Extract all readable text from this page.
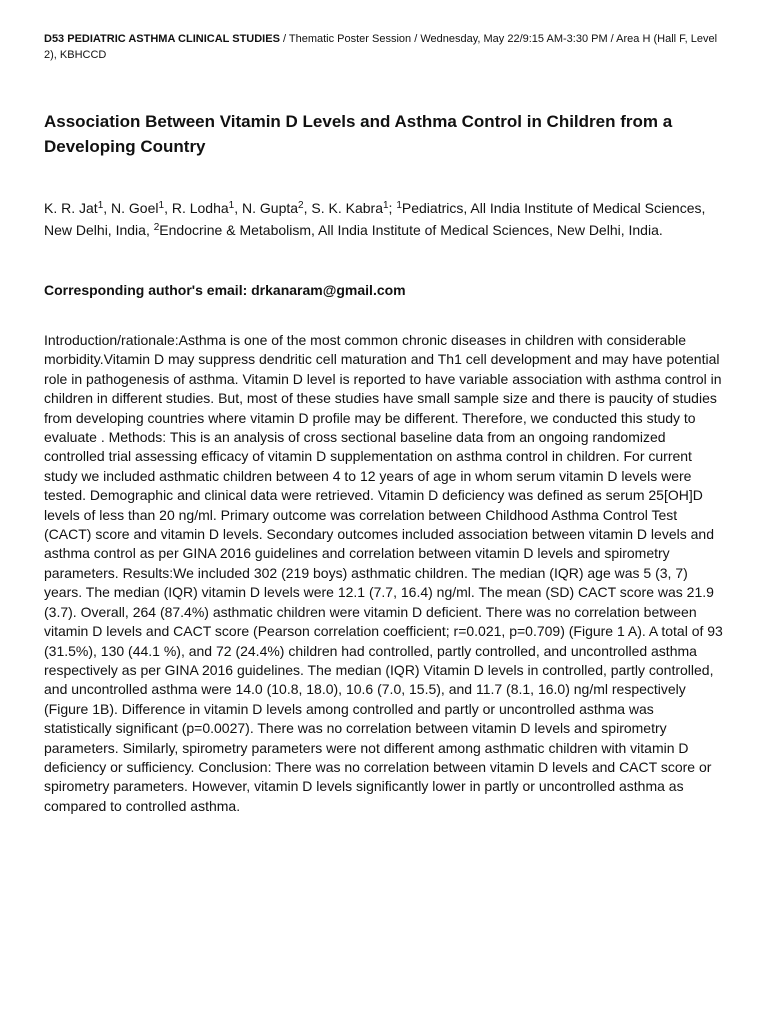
D53 PEDIATRIC ASTHMA CLINICAL STUDIES / Thematic Poster Session / Wednesday, May 22/9:15 AM-3:30 PM / Area H (Hall F, Level 2), KBHCCD
Association Between Vitamin D Levels and Asthma Control in Children from a Developing Country
K. R. Jat$^1$, N. Goel$^1$, R. Lodha$^1$, N. Gupta$^2$, S. K. Kabra$^1$; $^1$Pediatrics, All India Institute of Medical Sciences, New Delhi, India, $^2$Endocrine & Metabolism, All India Institute of Medical Sciences, New Delhi, India.
Corresponding author's email: drkanaram@gmail.com
Introduction/rationale:Asthma is one of the most common chronic diseases in children with considerable morbidity.Vitamin D may suppress dendritic cell maturation and Th1 cell development and may have potential role in pathogenesis of asthma. Vitamin D level is reported to have variable association with asthma control in children in different studies. But, most of these studies have small sample size and there is paucity of studies from developing countries where vitamin D profile may be different. Therefore, we conducted this study to evaluate . Methods: This is an analysis of cross sectional baseline data from an ongoing randomized controlled trial assessing efficacy of vitamin D supplementation on asthma control in children. For current study we included asthmatic children between 4 to 12 years of age in whom serum vitamin D levels were tested. Demographic and clinical data were retrieved. Vitamin D deficiency was defined as serum 25[OH]D levels of less than 20 ng/ml. Primary outcome was correlation between Childhood Asthma Control Test (CACT) score and vitamin D levels. Secondary outcomes included association between vitamin D levels and asthma control as per GINA 2016 guidelines and correlation between vitamin D levels and spirometry parameters. Results:We included 302 (219 boys) asthmatic children. The median (IQR) age was 5 (3, 7) years. The median (IQR) vitamin D levels were 12.1 (7.7, 16.4) ng/ml. The mean (SD) CACT score was 21.9 (3.7). Overall, 264 (87.4%) asthmatic children were vitamin D deficient. There was no correlation between vitamin D levels and CACT score (Pearson correlation coefficient; r=0.021, p=0.709) (Figure 1 A). A total of 93 (31.5%), 130 (44.1 %), and 72 (24.4%) children had controlled, partly controlled, and uncontrolled asthma respectively as per GINA 2016 guidelines. The median (IQR) Vitamin D levels in controlled, partly controlled, and uncontrolled asthma were 14.0 (10.8, 18.0), 10.6 (7.0, 15.5), and 11.7 (8.1, 16.0) ng/ml respectively (Figure 1B). Difference in vitamin D levels among controlled and partly or uncontrolled asthma was statistically significant (p=0.0027). There was no correlation between vitamin D levels and spirometry parameters. Similarly, spirometry parameters were not different among asthmatic children with vitamin D deficiency or sufficiency. Conclusion: There was no correlation between vitamin D levels and CACT score or spirometry parameters. However, vitamin D levels significantly lower in partly or uncontrolled asthma as compared to controlled asthma.
